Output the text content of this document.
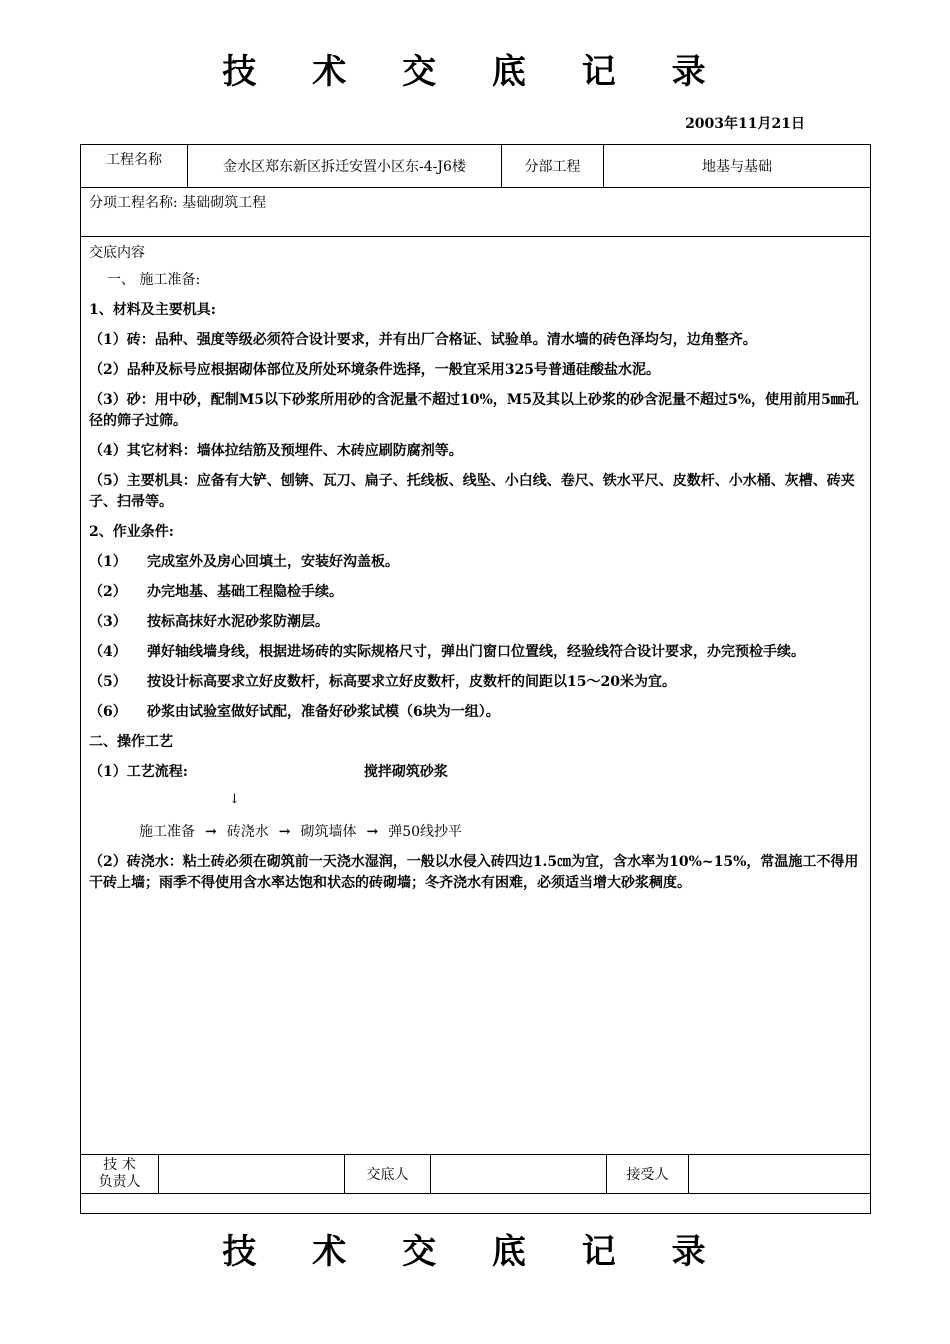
技 术 交 底 记 录
2003年11月21日
工程名称	金水区郑东新区拆迁安置小区东-4-J6楼	分部工程	地基与基础
分项工程名称: 基础砌筑工程

交底内容
一、 施工准备:
1、材料及主要机具:
（1）砖：品种、强度等级必须符合设计要求，并有出厂合格证、试验单。清水墙的砖色泽均匀，边角整齐。
（2）品种及标号应根据砌体部位及所处环境条件选择，一般宜采用325号普通硅酸盐水泥。
（3）砂：用中砂，配制M5以下砂浆所用砂的含泥量不超过10%，M5及其以上砂浆的砂含泥量不超过5%，使用前用5㎜孔径的筛子过筛。
（4）其它材料：墙体拉结筋及预埋件、木砖应刷防腐剂等。
（5）主要机具：应备有大铲、刨锛、瓦刀、扁子、托线板、线坠、小白线、卷尺、铁水平尺、皮数杆、小水桶、灰槽、砖夹子、扫帚等。
2、作业条件:
（1）	完成室外及房心回填土，安装好沟盖板。
（2）	办完地基、基础工程隐检手续。
（3）	按标高抹好水泥砂浆防潮层。
（4）	弹好轴线墙身线，根据进场砖的实际规格尺寸，弹出门窗口位置线，经验线符合设计要求，办完预检手续。
（5）	按设计标高要求立好皮数杆，标高要求立好皮数杆，皮数杆的间距以15～20米为宜。
（6）	砂浆由试验室做好试配，准备好砂浆试模（6块为一组）。
二、操作工艺
（1）工艺流程:	搅拌砌筑砂浆
↓
施工准备 → 砖浇水 → 砌筑墙体 → 弹50线抄平
（2）砖浇水：粘土砖必须在砌筑前一天浇水湿润，一般以水侵入砖四边1.5㎝为宜，含水率为10%~15%，常温施工不得用干砖上墙；雨季不得使用含水率达饱和状态的砖砌墙；冬齐浇水有困难，必须适当增大砂浆稠度。
技 术
负责人		交底人		接受人	
技 术 交 底 记 录
